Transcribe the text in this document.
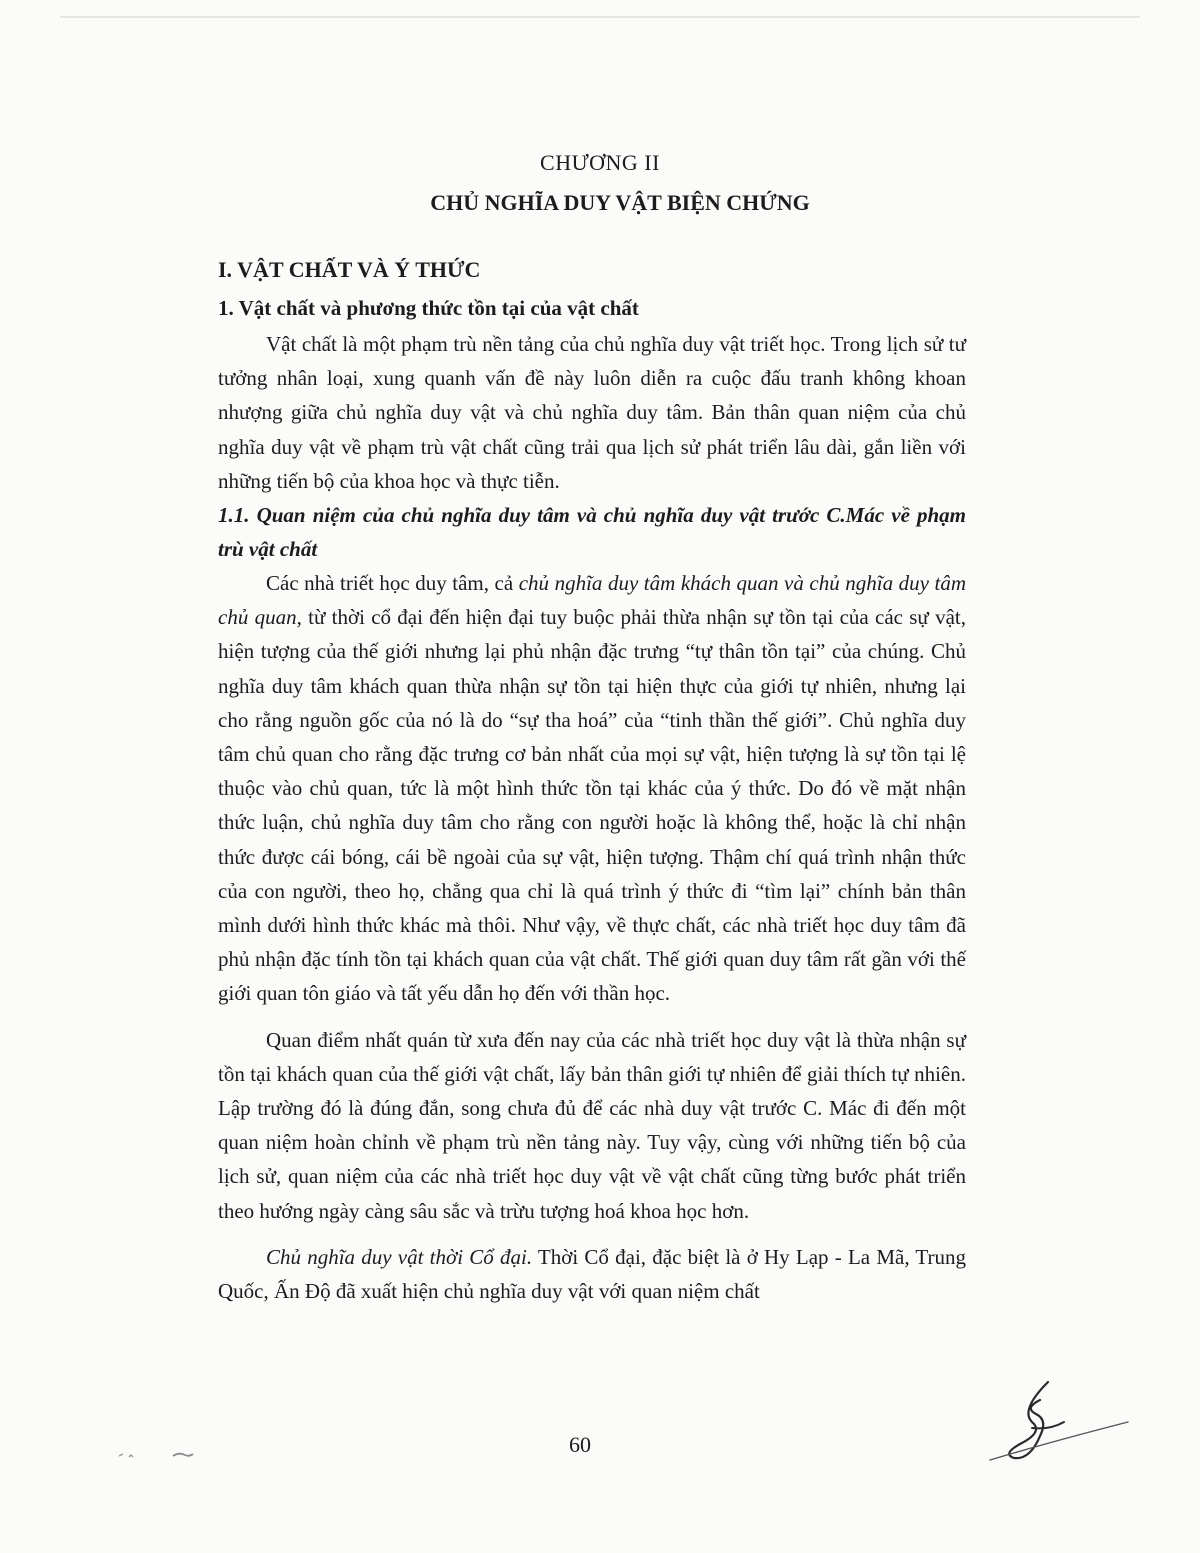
CHƯƠNG II
CHỦ NGHĨA DUY VẬT BIỆN CHỨNG
I. VẬT CHẤT VÀ Ý THỨC
1. Vật chất và phương thức tồn tại của vật chất

Vật chất là một phạm trù nền tảng của chủ nghĩa duy vật triết học. Trong lịch sử tư tưởng nhân loại, xung quanh vấn đề này luôn diễn ra cuộc đấu tranh không khoan nhượng giữa chủ nghĩa duy vật và chủ nghĩa duy tâm. Bản thân quan niệm của chủ nghĩa duy vật về phạm trù vật chất cũng trải qua lịch sử phát triển lâu dài, gắn liền với những tiến bộ của khoa học và thực tiễn.

1.1. Quan niệm của chủ nghĩa duy tâm và chủ nghĩa duy vật trước C.Mác về phạm trù vật chất

Các nhà triết học duy tâm, cả chủ nghĩa duy tâm khách quan và chủ nghĩa duy tâm chủ quan, từ thời cổ đại đến hiện đại tuy buộc phải thừa nhận sự tồn tại của các sự vật, hiện tượng của thế giới nhưng lại phủ nhận đặc trưng “tự thân tồn tại” của chúng. Chủ nghĩa duy tâm khách quan thừa nhận sự tồn tại hiện thực của giới tự nhiên, nhưng lại cho rằng nguồn gốc của nó là do “sự tha hoá” của “tinh thần thế giới”. Chủ nghĩa duy tâm chủ quan cho rằng đặc trưng cơ bản nhất của mọi sự vật, hiện tượng là sự tồn tại lệ thuộc vào chủ quan, tức là một hình thức tồn tại khác của ý thức. Do đó về mặt nhận thức luận, chủ nghĩa duy tâm cho rằng con người hoặc là không thể, hoặc là chỉ nhận thức được cái bóng, cái bề ngoài của sự vật, hiện tượng. Thậm chí quá trình nhận thức của con người, theo họ, chẳng qua chỉ là quá trình ý thức đi “tìm lại” chính bản thân mình dưới hình thức khác mà thôi. Như vậy, về thực chất, các nhà triết học duy tâm đã phủ nhận đặc tính tồn tại khách quan của vật chất. Thế giới quan duy tâm rất gần với thế giới quan tôn giáo và tất yếu dẫn họ đến với thần học.

Quan điểm nhất quán từ xưa đến nay của các nhà triết học duy vật là thừa nhận sự tồn tại khách quan của thế giới vật chất, lấy bản thân giới tự nhiên để giải thích tự nhiên. Lập trường đó là đúng đắn, song chưa đủ để các nhà duy vật trước C. Mác đi đến một quan niệm hoàn chỉnh về phạm trù nền tảng này. Tuy vậy, cùng với những tiến bộ của lịch sử, quan niệm của các nhà triết học duy vật về vật chất cũng từng bước phát triển theo hướng ngày càng sâu sắc và trừu tượng hoá khoa học hơn.

Chủ nghĩa duy vật thời Cổ đại. Thời Cổ đại, đặc biệt là ở Hy Lạp - La Mã, Trung Quốc, Ấn Độ đã xuất hiện chủ nghĩa duy vật với quan niệm chất

60
